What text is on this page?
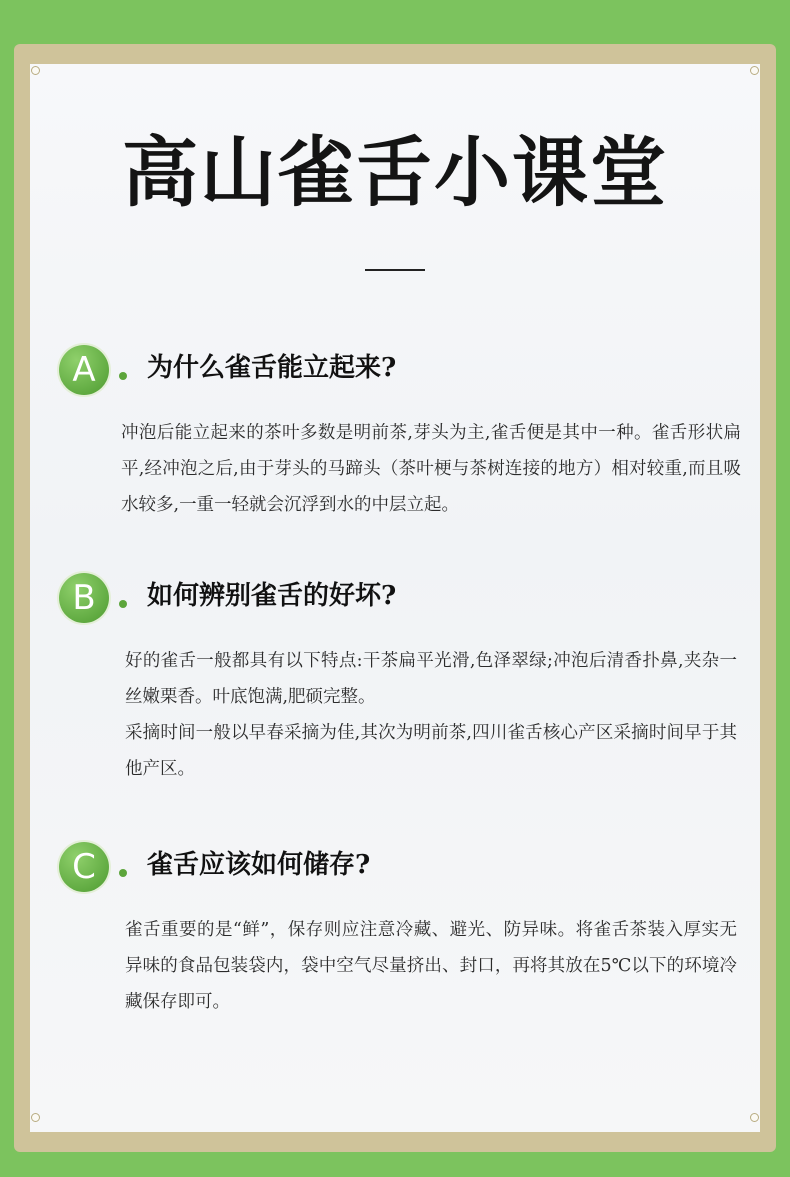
高山雀舌小课堂
A	为什么雀舌能立起来?

冲泡后能立起来的茶叶多数是明前茶,芽头为主,雀舌便是其中一种。雀舌形状扁平,经冲泡之后,由于芽头的马蹄头（茶叶梗与茶树连接的地方）相对较重,而且吸水较多,一重一轻就会沉浮到水的中层立起。

B	如何辨别雀舌的好坏?

好的雀舌一般都具有以下特点:干茶扁平光滑,色泽翠绿;冲泡后清香扑鼻,夹杂一丝嫩栗香。叶底饱满,肥硕完整。

采摘时间一般以早春采摘为佳,其次为明前茶,四川雀舌核心产区采摘时间早于其他产区。

C	雀舌应该如何储存?

雀舌重要的是“鲜”，保存则应注意冷藏、避光、防异味。将雀舌茶装入厚实无异味的食品包装袋内，袋中空气尽量挤出、封口，再将其放在5℃以下的环境冷藏保存即可。
